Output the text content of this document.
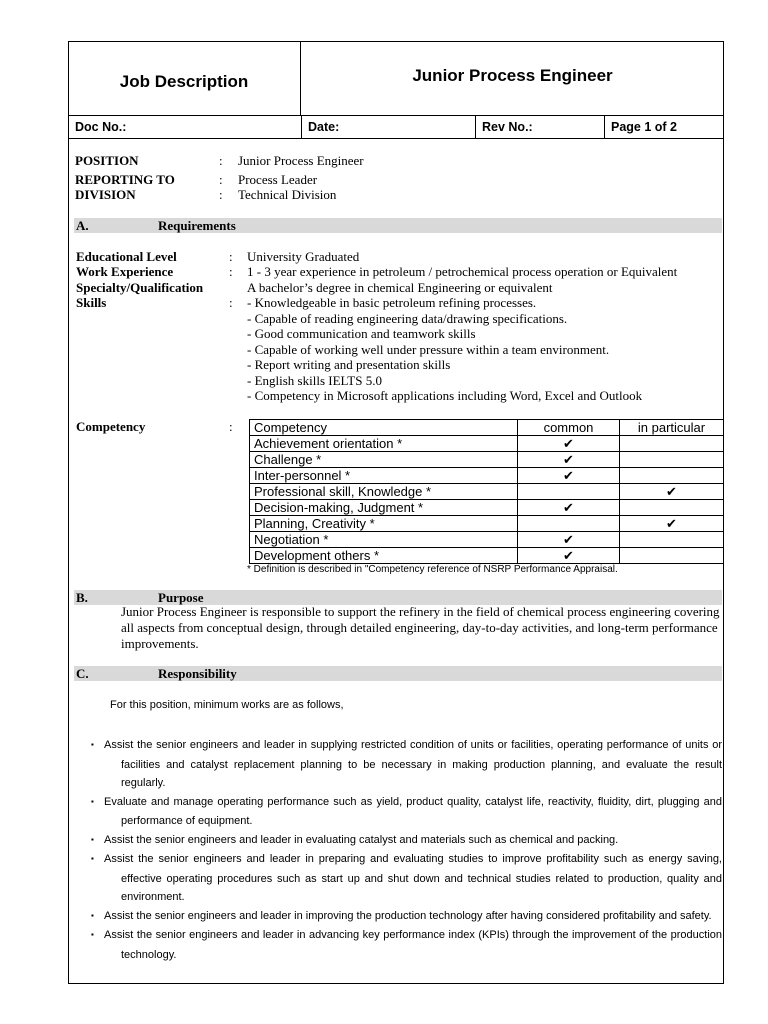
Job Description	Junior Process Engineer
Doc No.:	Date:	Rev No.:	Page 1 of 2
POSITION	: Junior Process Engineer
REPORTING TO	: Process Leader
DIVISION	: Technical Division
A.	Requirements
Educational Level	: University Graduated
Work Experience	: 1 - 3 year experience in petroleum / petrochemical process operation or Equivalent
Specialty/Qualification	A bachelor’s degree in chemical Engineering or equivalent
Skills	: - Knowledgeable in basic petroleum refining processes.
- Capable of reading engineering data/drawing specifications.
- Good communication and teamwork skills
- Capable of working well under pressure within a team environment.
- Report writing and presentation skills
- English skills IELTS 5.0
- Competency in Microsoft applications including Word, Excel and Outlook
Competency	: Competency	common	in particular
Achievement orientation *	✔	
Challenge *	✔	
Inter-personnel *	✔	
Professional skill, Knowledge *		✔
Decision-making, Judgment *	✔	
Planning, Creativity *		✔
Negotiation *	✔	
Development others *	✔	
* Definition is described in "Competency reference of NSRP Performance Appraisal.
B.	Purpose
Junior Process Engineer is responsible to support the refinery in the field of chemical process engineering covering all aspects from conceptual design, through detailed engineering, day-to-day activities, and long-term performance improvements.
C.	Responsibility
For this position, minimum works are as follows,
▪ Assist the senior engineers and leader in supplying restricted condition of units or facilities, operating performance of units or facilities and catalyst replacement planning to be necessary in making production planning, and evaluate the result regularly.
▪ Evaluate and manage operating performance such as yield, product quality, catalyst life, reactivity, fluidity, dirt, plugging and performance of equipment.
▪ Assist the senior engineers and leader in evaluating catalyst and materials such as chemical and packing.
▪ Assist the senior engineers and leader in preparing and evaluating studies to improve profitability such as energy saving, effective operating procedures such as start up and shut down and technical studies related to production, quality and environment.
▪ Assist the senior engineers and leader in improving the production technology after having considered profitability and safety.
▪ Assist the senior engineers and leader in advancing key performance index (KPIs) through the improvement of the production technology.
